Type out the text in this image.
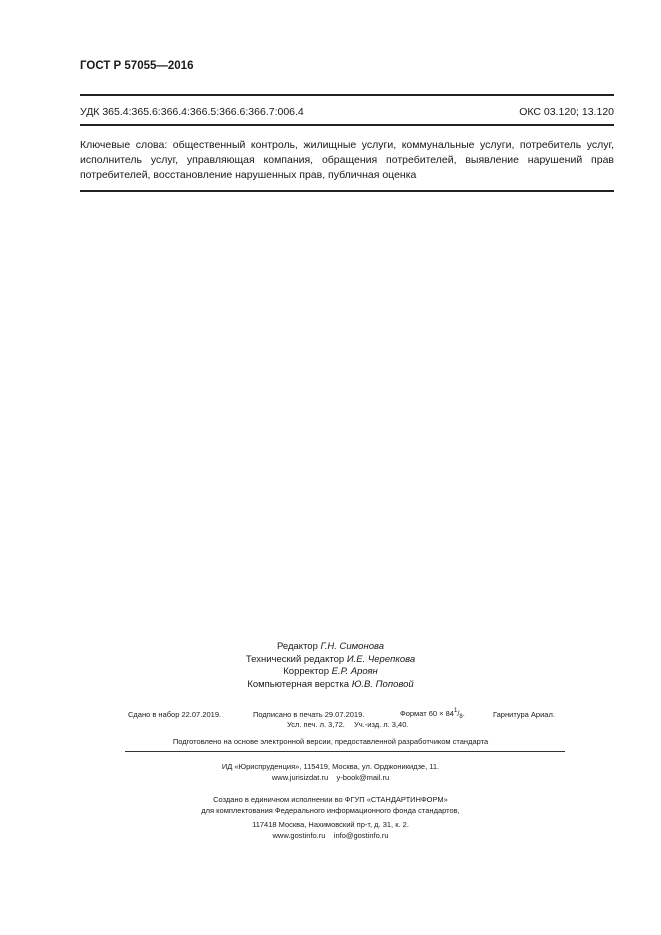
ГОСТ Р 57055—2016
УДК 365.4:365.6:366.4:366.5:366.6:366.7:006.4	ОКС 03.120; 13.120

Ключевые слова: общественный контроль, жилищные услуги, коммунальные услуги, потребитель услуг, исполнитель услуг, управляющая компания, обращения потребителей, выявление нарушений прав потребителей, восстановление нарушенных прав, публичная оценка

Редактор Г.Н. Симонова
Технический редактор И.Е. Черепкова
Корректор Е.Р. Ароян
Компьютерная верстка Ю.В. Поповой
Сдано в набор 22.07.2019.	Подписано в печать 29.07.2019.	Формат $60 \times 84^1/_8$.	Гарнитура Ариал.
Усл. печ. л. 3,72. Уч.-изд. л. 3,40.
Подготовлено на основе электронной версии, предоставленной разработчиком стандарта
ИД «Юриспруденция», 115419, Москва, ул. Орджоникидзе, 11.
www.jurisizdat.ru y-book@mail.ru
Создано в единичном исполнении во ФГУП «СТАНДАРТИНФОРМ»
для комплектования Федерального информационного фонда стандартов,
117418 Москва, Нахимовский пр-т, д. 31, к. 2.
www.gostinfo.ru info@gostinfo.ru
